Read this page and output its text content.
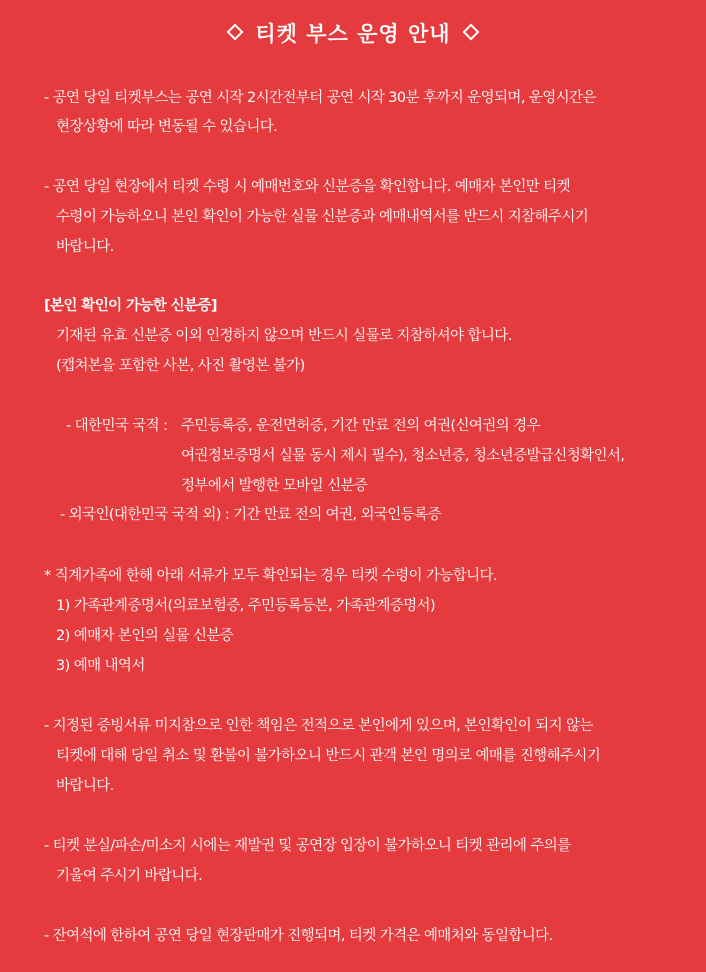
티켓 부스 운영 안내
- 공연 당일 티켓부스는 공연 시작 2시간전부터 공연 시작 30분 후까지 운영되며, 운영시간은
현장상황에 따라 변동될 수 있습니다.
- 공연 당일 현장에서 티켓 수령 시 예매번호와 신분증을 확인합니다. 예매자 본인만 티켓
수령이 가능하오니 본인 확인이 가능한 실물 신분증과 예매내역서를 반드시 지참해주시기
바랍니다.
[본인 확인이 가능한 신분증]
기재된 유효 신분증 이외 인정하지 않으며 반드시 실물로 지참하셔야 합니다.
(캡쳐본을 포함한 사본, 사진 촬영본 불가)
- 대한민국 국적 : 주민등록증, 운전면허증, 기간 만료 전의 여권(신여권의 경우
여권정보증명서 실물 동시 제시 필수), 청소년증, 청소년증발급신청확인서,
정부에서 발행한 모바일 신분증
- 외국인(대한민국 국적 외) : 기간 만료 전의 여권, 외국인등록증
* 직계가족에 한해 아래 서류가 모두 확인되는 경우 티켓 수령이 가능합니다.
1) 가족관계증명서(의료보험증, 주민등록등본, 가족관계증명서)
2) 예매자 본인의 실물 신분증
3) 예매 내역서
- 지정된 증빙서류 미지참으로 인한 책임은 전적으로 본인에게 있으며, 본인확인이 되지 않는
티켓에 대해 당일 취소 및 환불이 불가하오니 반드시 관객 본인 명의로 예매를 진행해주시기
바랍니다.
- 티켓 분실/파손/미소지 시에는 재발권 및 공연장 입장이 불가하오니 티켓 관리에 주의를
기울여 주시기 바랍니다.
- 잔여석에 한하여 공연 당일 현장판매가 진행되며, 티켓 가격은 예매처와 동일합니다.
